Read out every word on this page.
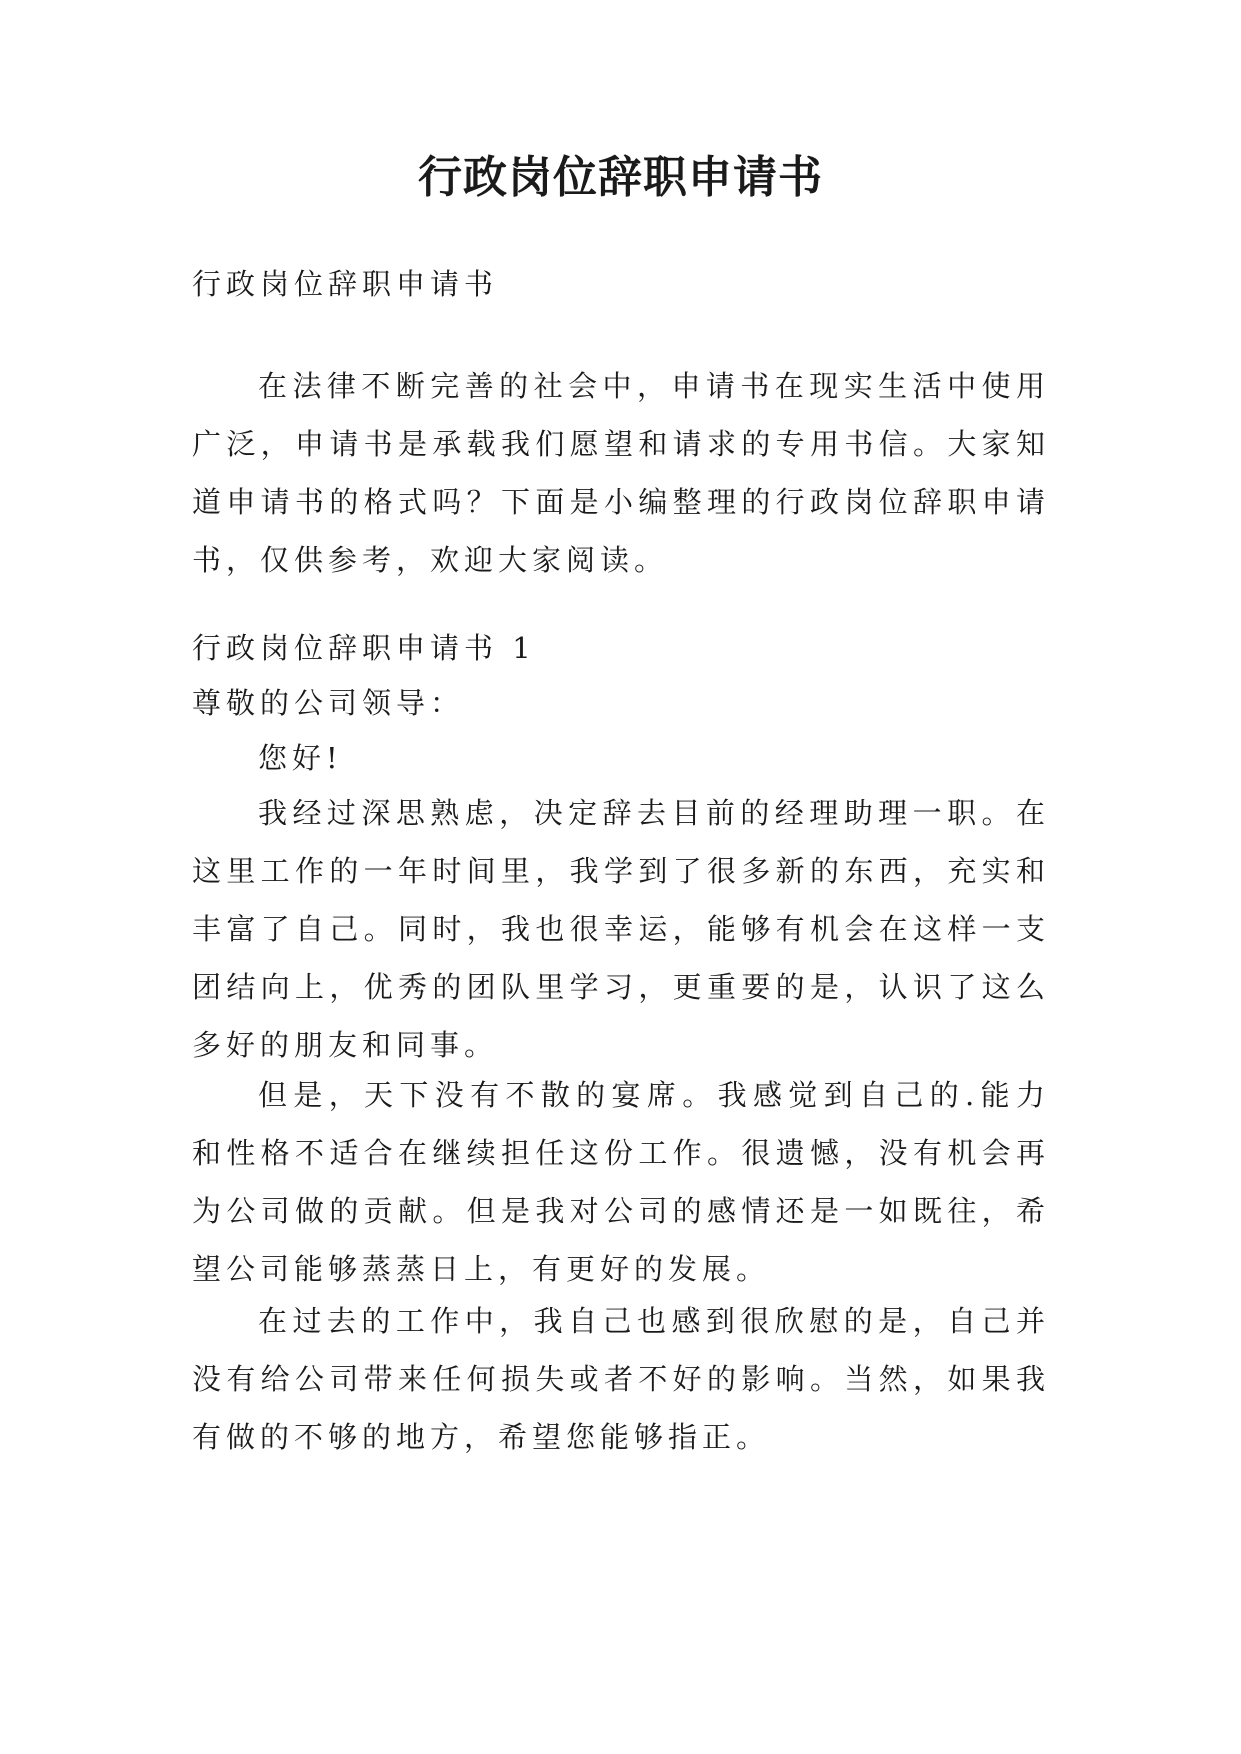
行政岗位辞职申请书

行政岗位辞职申请书

在法律不断完善的社会中，申请书在现实生活中使用广泛，申请书是承载我们愿望和请求的专用书信。大家知道申请书的格式吗？下面是小编整理的行政岗位辞职申请书，仅供参考，欢迎大家阅读。

行政岗位辞职申请书 1

尊敬的公司领导：

您好!

我经过深思熟虑，决定辞去目前的经理助理一职。在这里工作的一年时间里，我学到了很多新的东西，充实和丰富了自己。同时，我也很幸运，能够有机会在这样一支团结向上，优秀的团队里学习，更重要的是，认识了这么多好的朋友和同事。

但是，天下没有不散的宴席。我感觉到自己的.能力和性格不适合在继续担任这份工作。很遗憾，没有机会再为公司做的贡献。但是我对公司的感情还是一如既往，希望公司能够蒸蒸日上，有更好的发展。

在过去的工作中，我自己也感到很欣慰的是，自己并没有给公司带来任何损失或者不好的影响。当然，如果我有做的不够的地方，希望您能够指正。
